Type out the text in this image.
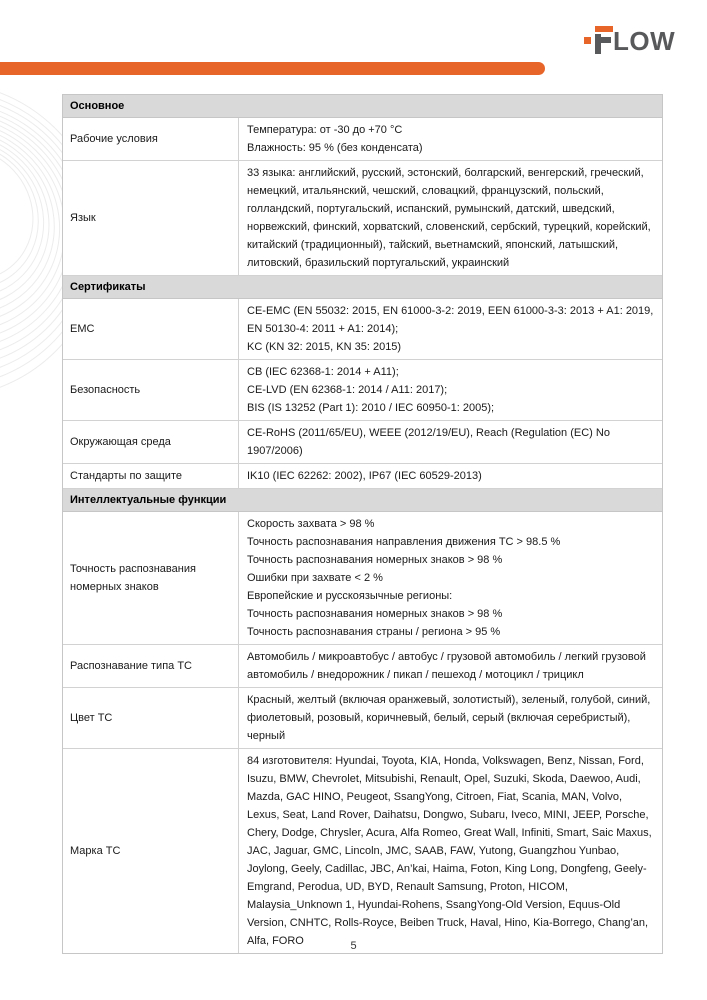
LOW
Основное
Рабочие условия
Температура: от -30 до +70 °C
Влажность: 95 % (без конденсата)
Язык
33 языка: английский, русский, эстонский, болгарский, венгерский, греческий, немецкий, итальянский, чешский, словацкий, французский, польский, голландский, португальский, испанский, румынский, датский, шведский, норвежский, финский, хорватский, словенский, сербский, турецкий, корейский, китайский (традиционный), тайский, вьетнамский, японский, латышский, литовский, бразильский португальский, украинский
Сертификаты
EMC
CE-EMC (EN 55032: 2015, EN 61000-3-2: 2019, EEN 61000-3-3: 2013 + A1: 2019, EN 50130-4: 2011 + A1: 2014);
KC (KN 32: 2015, KN 35: 2015)
Безопасность
CB (IEC 62368-1: 2014 + A11);
CE-LVD (EN 62368-1: 2014 / A11: 2017);
BIS (IS 13252 (Part 1): 2010 / IEC 60950-1: 2005);
Окружающая среда
CE-RoHS (2011/65/EU), WEEE (2012/19/EU), Reach (Regulation (EC) No 1907/2006)
Стандарты по защите	IK10 (IEC 62262: 2002), IP67 (IEC 60529-2013)
Интеллектуальные функции
Точность распознавания номерных знаков
Скорость захвата > 98 %
Точность распознавания направления движения ТС > 98.5 %
Точность распознавания номерных знаков > 98 %
Ошибки при захвате < 2 %
Европейские и русскоязычные регионы:
Точность распознавания номерных знаков > 98 %
Точность распознавания страны / региона > 95 %
Распознавание типа ТС
Автомобиль / микроавтобус / автобус / грузовой автомобиль / легкий грузовой автомобиль / внедорожник / пикап / пешеход / мотоцикл / трицикл
Цвет ТС
Красный, желтый (включая оранжевый, золотистый), зеленый, голубой, синий, фиолетовый, розовый, коричневый, белый, серый (включая серебристый), черный
Марка ТС
84 изготовителя: Hyundai, Toyota, KIA, Honda, Volkswagen, Benz, Nissan, Ford, Isuzu, BMW, Chevrolet, Mitsubishi, Renault, Opel, Suzuki, Skoda, Daewoo, Audi, Mazda, GAC HINO, Peugeot, SsangYong, Citroen, Fiat, Scania, MAN, Volvo, Lexus, Seat, Land Rover, Daihatsu, Dongwo, Subaru, Iveco, MINI, JEEP, Porsche, Chery, Dodge, Chrysler, Acura, Alfa Romeo, Great Wall, Infiniti, Smart, Saic Maxus, JAC, Jaguar, GMC, Lincoln, JMC, SAAB, FAW, Yutong, Guangzhou Yunbao, Joylong, Geely, Cadillac, JBC, An’kai, Haima, Foton, King Long, Dongfeng, Geely-Emgrand, Perodua, UD, BYD, Renault Samsung, Proton, HICOM, Malaysia_Unknown 1, Hyundai-Rohens, SsangYong-Old Version, Equus-Old Version, CNHTC, Rolls-Royce, Beiben Truck, Haval, Hino, Kia-Borrego, Chang’an, Alfa, FORO	5
